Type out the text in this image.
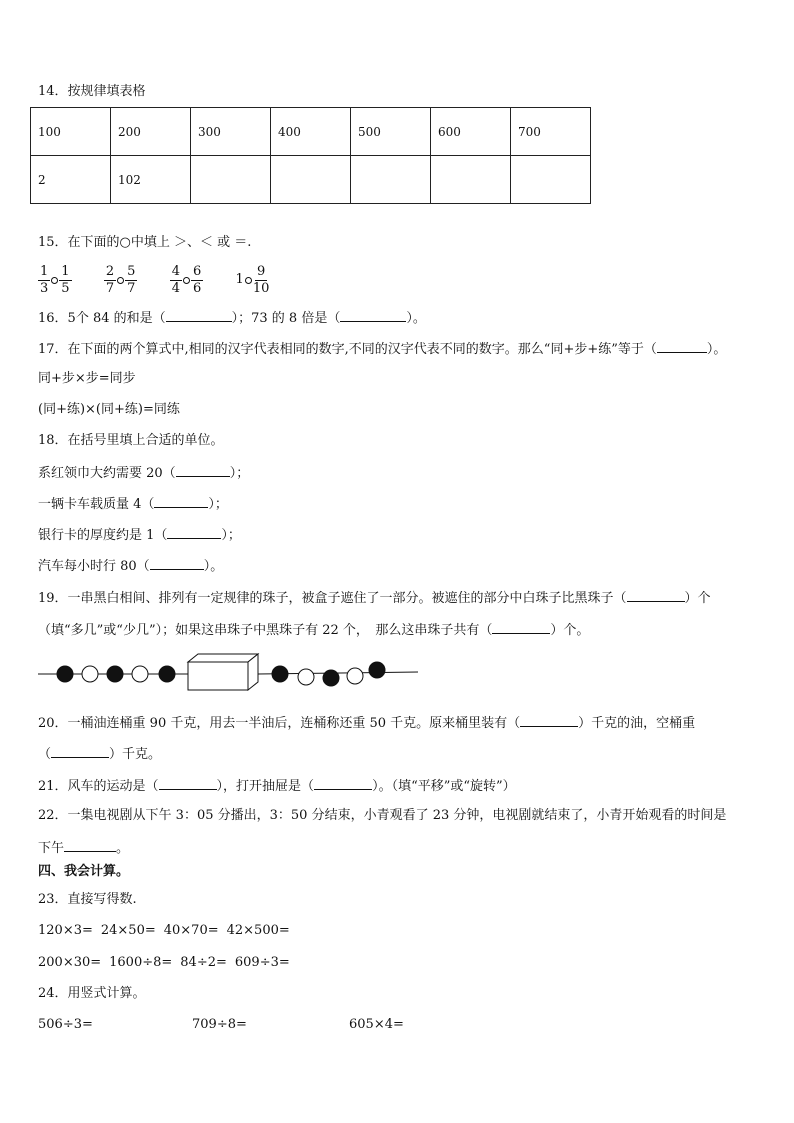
14．按规律填表格
100	200	300	400	500	600	700
2	102					
15．在下面的○中填上 ＞、＜ 或 ＝.
$\frac{1}{3} \frac{1}{5}$
$\frac{2}{7} \frac{5}{7}$
$\frac{4}{4} \frac{6}{6} 1 \frac{9}{10}$
16．5个 84 的和是（	）；73 的 8 倍是（	）。
17．在下面的两个算式中,相同的汉字代表相同的数字,不同的汉字代表不同的数字。那么“同+步+练”等于（	）。
同+步×步=同步
(同+练)×(同+练)=同练
18．在括号里填上合适的单位。
系红领巾大约需要 20（	）；
一辆卡车载质量 4（	）；
银行卡的厚度约是 1（	）；
汽车每小时行 80（	）。
19．一串黑白相间、排列有一定规律的珠子，被盒子遮住了一部分。被遮住的部分中白珠子比黑珠子（	）个
（填“多几”或“少几”）；如果这串珠子中黑珠子有 22 个，　那么这串珠子共有（	）个。
20．一桶油连桶重 90 千克，用去一半油后，连桶称还重 50 千克。原来桶里装有（	）千克的油，空桶重
（	）千克。
21．风车的运动是（	），打开抽屉是（	）。（填“平移”或“旋转”）
22．一集电视剧从下午 3：05 分播出，3：50 分结束，小青观看了 23 分钟，电视剧就结束了，小青开始观看的时间是
下午	。
四、我会计算。
23．直接写得数.
120×3= 24×50= 40×70= 42×500=
200×30= 1600÷8= 84÷2= 609÷3=
24．用竖式计算。
506÷3=	709÷8=	605×4=
